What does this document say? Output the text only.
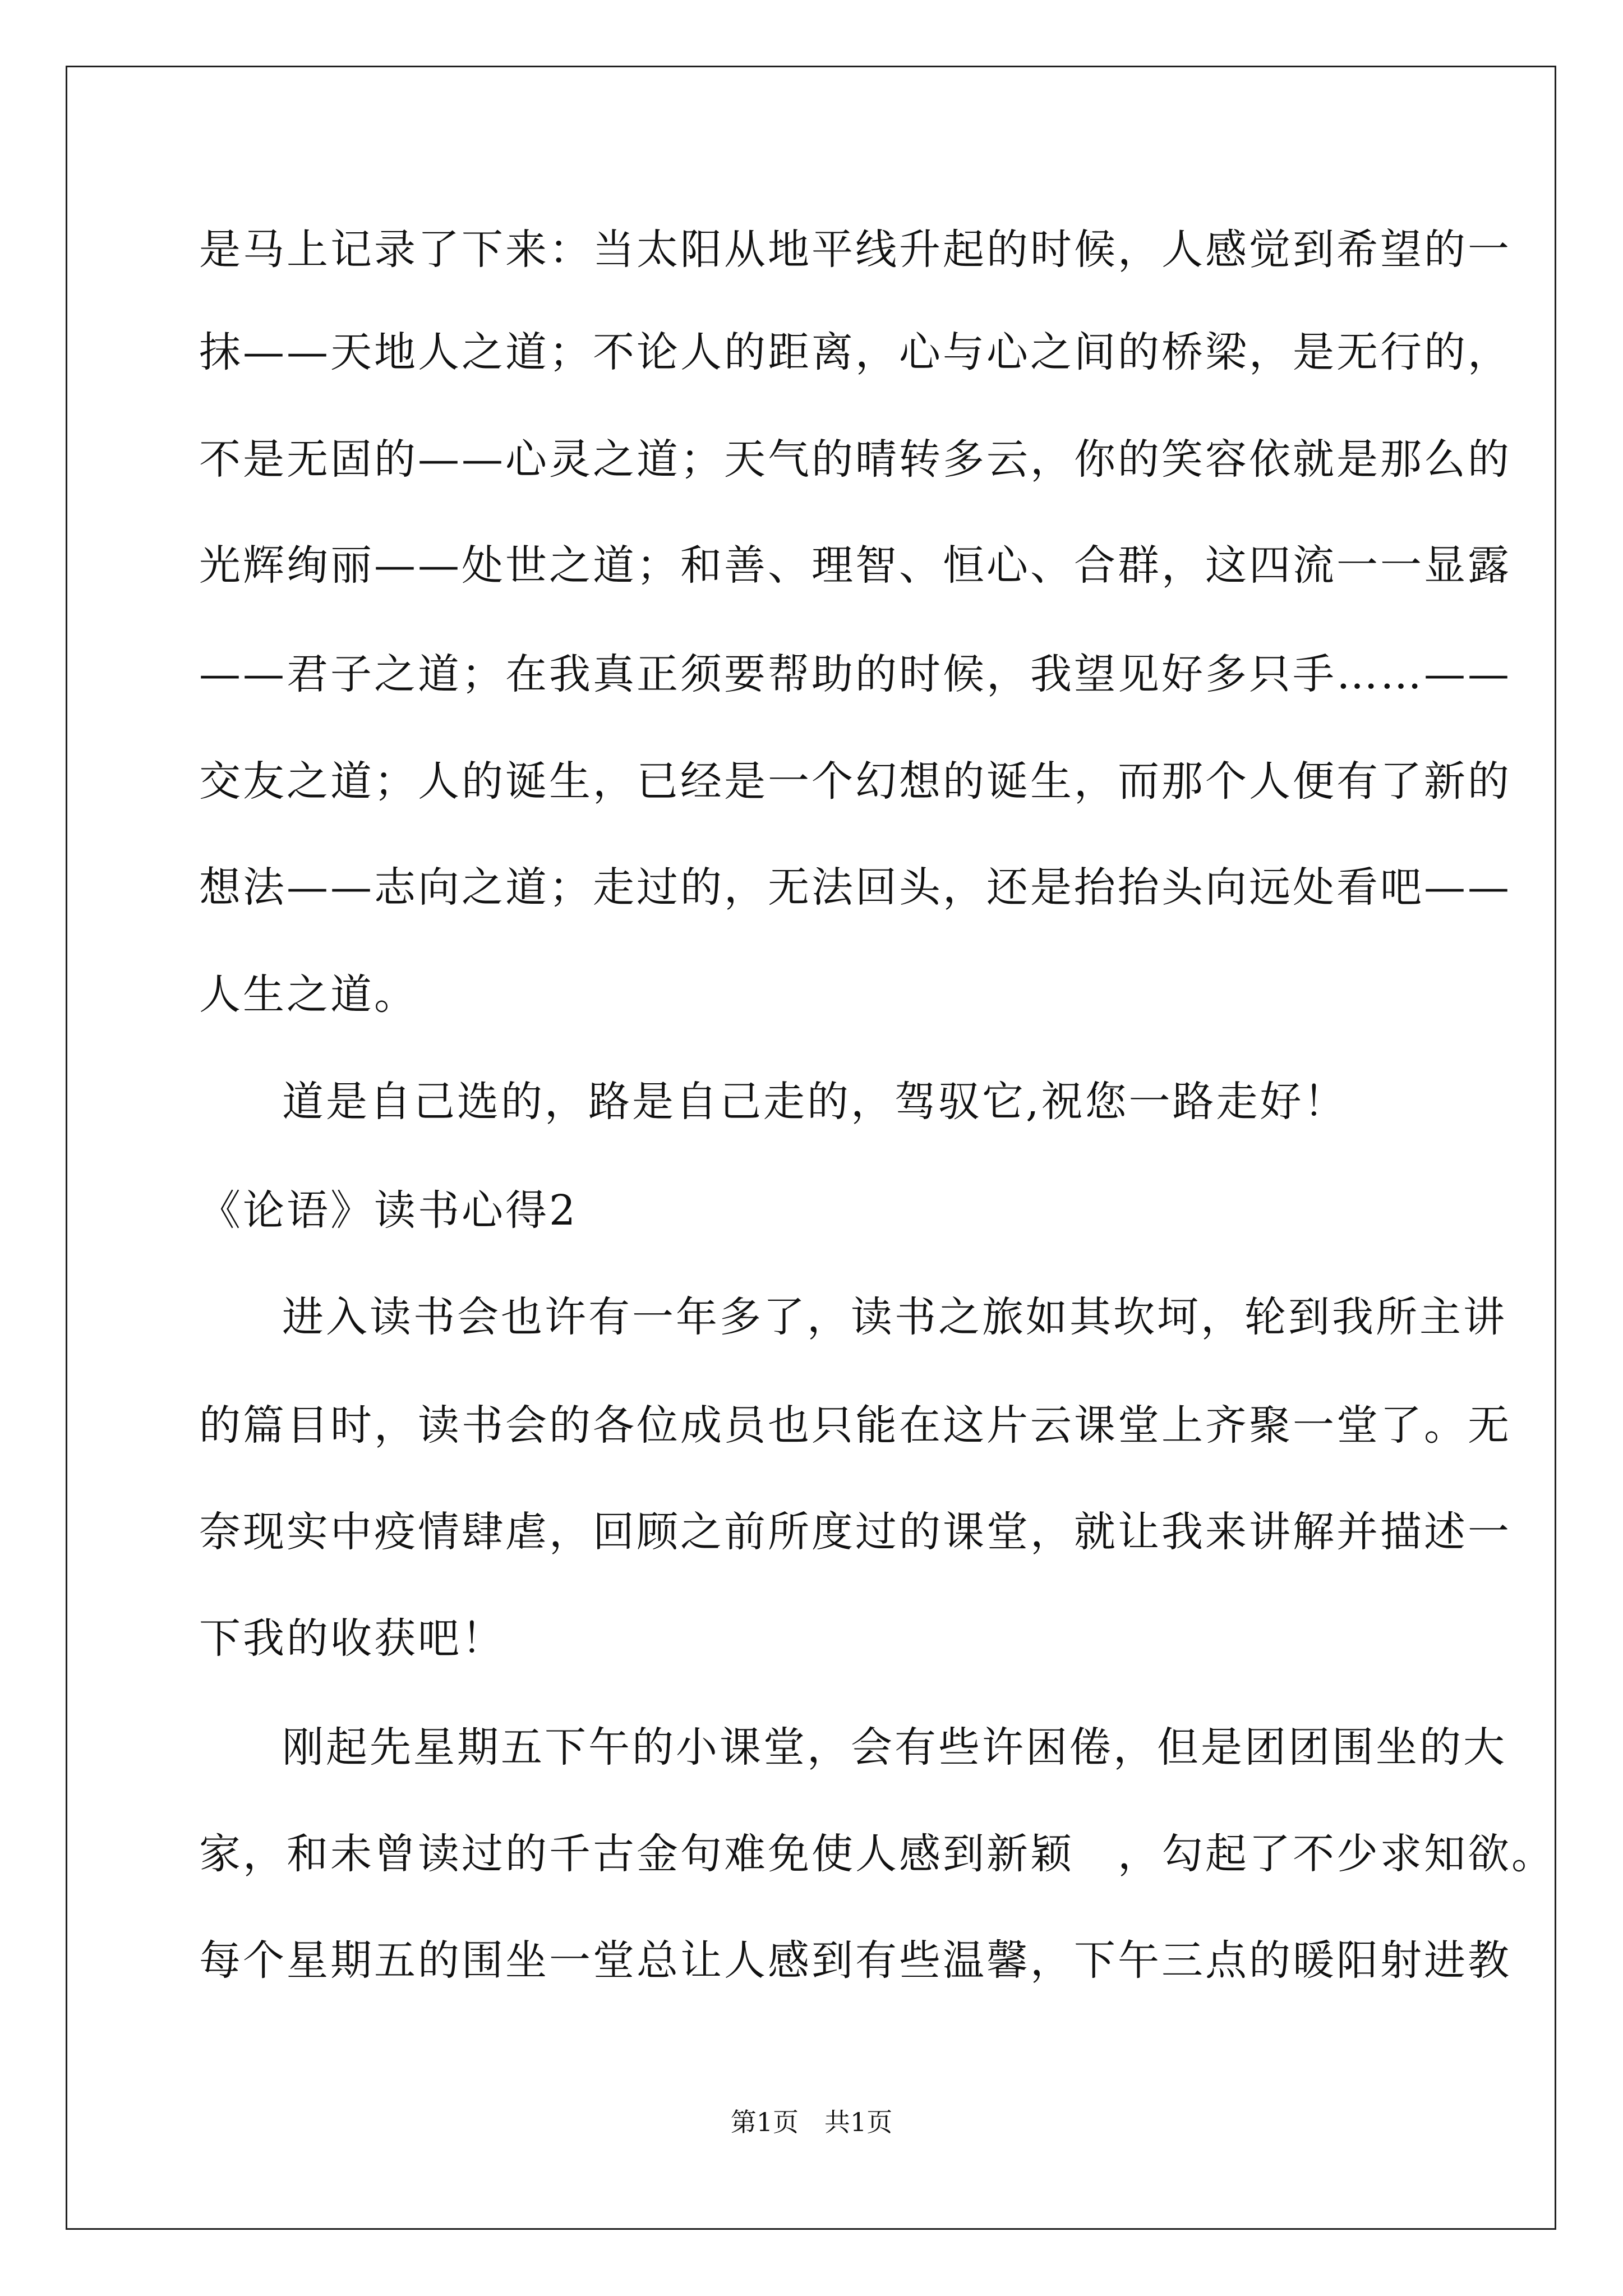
是马上记录了下来：当太阳从地平线升起的时候，人感觉到希望的一
抹——天地人之道；不论人的距离，心与心之间的桥梁，是无行的，
不是无固的——心灵之道；天气的晴转多云，你的笑容依就是那么的
光辉绚丽——处世之道；和善、理智、恒心、合群，这四流一一显露
——君子之道；在我真正须要帮助的时候，我望见好多只手……——
交友之道；人的诞生，已经是一个幻想的诞生，而那个人便有了新的
想法——志向之道；走过的，无法回头，还是抬抬头向远处看吧——
人生之道。
道是自己选的，路是自己走的，驾驭它,祝您一路走好！
《论语》读书心得2
进入读书会也许有一年多了，读书之旅如其坎坷，轮到我所主讲
的篇目时，读书会的各位成员也只能在这片云课堂上齐聚一堂了。无
奈现实中疫情肆虐，回顾之前所度过的课堂，就让我来讲解并描述一
下我的收获吧！
刚起先星期五下午的小课堂，会有些许困倦，但是团团围坐的大
家，和未曾读过的千古金句难免使人感到新颖　，勾起了不少求知欲。
每个星期五的围坐一堂总让人感到有些温馨，下午三点的暖阳射进教
第1页　共1页
